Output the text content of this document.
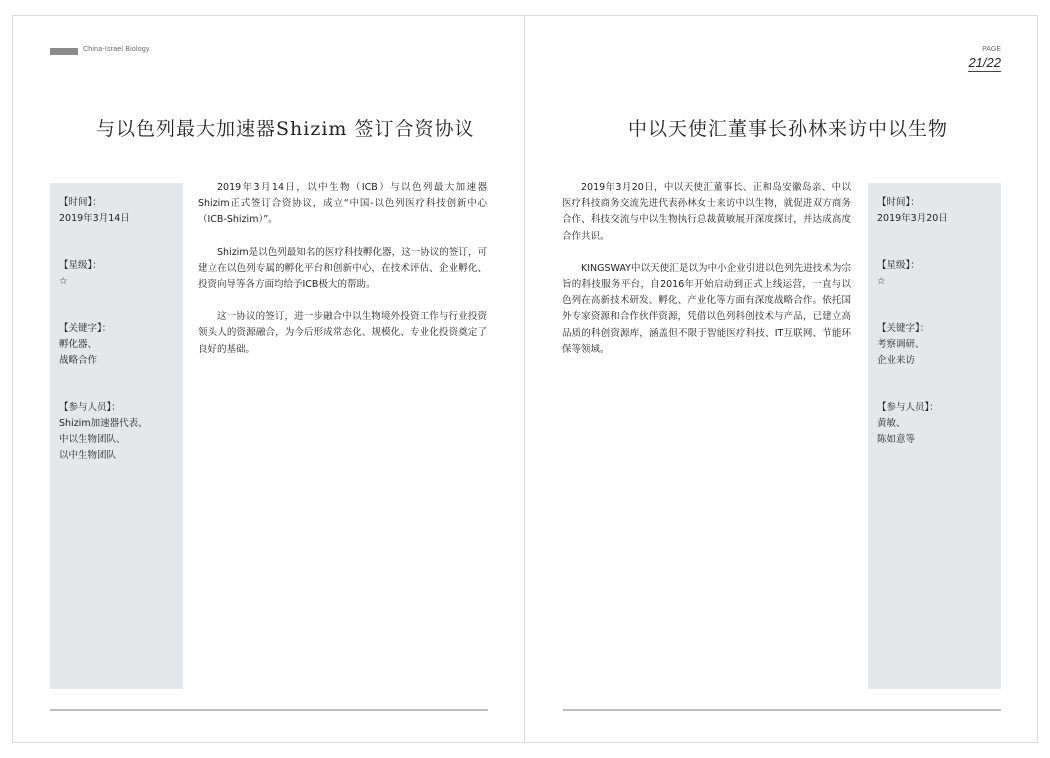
China-Israel Biology	PAGE
21/22
与以色列最大加速器Shizim 签订合资协议	中以天使汇董事长孙林来访中以生物
【时间】：
2019年3月14日
【星级】：
☆
【关键字】：
孵化器、
战略合作
【参与人员】：
Shizim加速器代表、
中以生物团队、
以中生物团队

2019年3月14日，以中生物（ICB）与以色列最大加速器Shizim正式签订合资协议，成立“中国-以色列医疗科技创新中心（ICB-Shizim）”。

Shizim是以色列最知名的医疗科技孵化器，这一协议的签订，可建立在以色列专属的孵化平台和创新中心，在技术评估、企业孵化、投资向导等各方面均给予ICB极大的帮助。

这一协议的签订，进一步融合中以生物境外投资工作与行业投资领头人的资源融合，为今后形成常态化、规模化、专业化投资奠定了良好的基础。

2019年3月20日，中以天使汇董事长、正和岛安徽岛亲、中以医疗科技商务交流先进代表孙林女士来访中以生物，就促进双方商务合作、科技交流与中以生物执行总裁黄敏展开深度探讨，并达成高度合作共识。

KINGSWAY中以天使汇是以为中小企业引进以色列先进技术为宗旨的科技服务平台，自2016年开始启动到正式上线运营，一直与以色列在高新技术研发、孵化、产业化等方面有深度战略合作。依托国外专家资源和合作伙伴资源，凭借以色列科创技术与产品，已建立高品质的科创资源库，涵盖但不限于智能医疗科技、IT互联网、节能环保等领域。

【时间】：
2019年3月20日
【星级】：
☆
【关键字】：
考察调研、
企业来访
【参与人员】：
黄敏、
陈如意等
